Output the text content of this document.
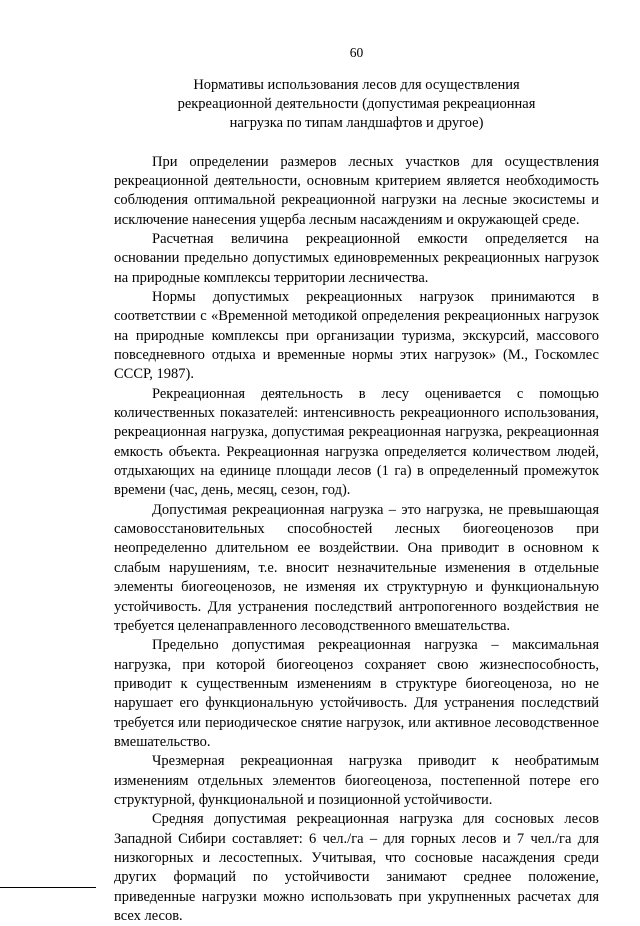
60

Нормативы использования лесов для осуществления
рекреационной деятельности (допустимая рекреационная
нагрузка по типам ландшафтов и другое)

При определении размеров лесных участков для осуществления рекреационной деятельности, основным критерием является необходимость соблюдения оптимальной рекреационной нагрузки на лесные экосистемы и исключение нанесения ущерба лесным насаждениям и окружающей среде.

Расчетная величина рекреационной емкости определяется на основании предельно допустимых единовременных рекреационных нагрузок на природные комплексы территории лесничества.

Нормы допустимых рекреационных нагрузок принимаются в соответствии с «Временной методикой определения рекреационных нагрузок на природные комплексы при организации туризма, экскурсий, массового повседневного отдыха и временные нормы этих нагрузок» (М., Госкомлес СССР, 1987).

Рекреационная деятельность в лесу оценивается с помощью количественных показателей: интенсивность рекреационного использования, рекреационная нагрузка, допустимая рекреационная нагрузка, рекреационная емкость объекта. Рекреационная нагрузка определяется количеством людей, отдыхающих на единице площади лесов (1 га) в определенный промежуток времени (час, день, месяц, сезон, год).

Допустимая рекреационная нагрузка – это нагрузка, не превышающая самовосстановительных способностей лесных биогеоценозов при неопределенно длительном ее воздействии. Она приводит в основном к слабым нарушениям, т.е. вносит незначительные изменения в отдельные элементы биогеоценозов, не изменяя их структурную и функциональную устойчивость. Для устранения последствий антропогенного воздействия не требуется целенаправленного лесоводственного вмешательства.

Предельно допустимая рекреационная нагрузка – максимальная нагрузка, при которой биогеоценоз сохраняет свою жизнеспособность, приводит к существенным изменениям в структуре биогеоценоза, но не нарушает его функциональную устойчивость. Для устранения последствий требуется или периодическое снятие нагрузок, или активное лесоводственное вмешательство.

Чрезмерная рекреационная нагрузка приводит к необратимым изменениям отдельных элементов биогеоценоза, постепенной потере его структурной, функциональной и позиционной устойчивости.

Средняя допустимая рекреационная нагрузка для сосновых лесов Западной Сибири составляет: 6 чел./га – для горных лесов и 7 чел./га для низкогорных и лесостепных. Учитывая, что сосновые насаждения среди других формаций по устойчивости занимают среднее положение, приведенные нагрузки можно использовать при укрупненных расчетах для всех лесов.
